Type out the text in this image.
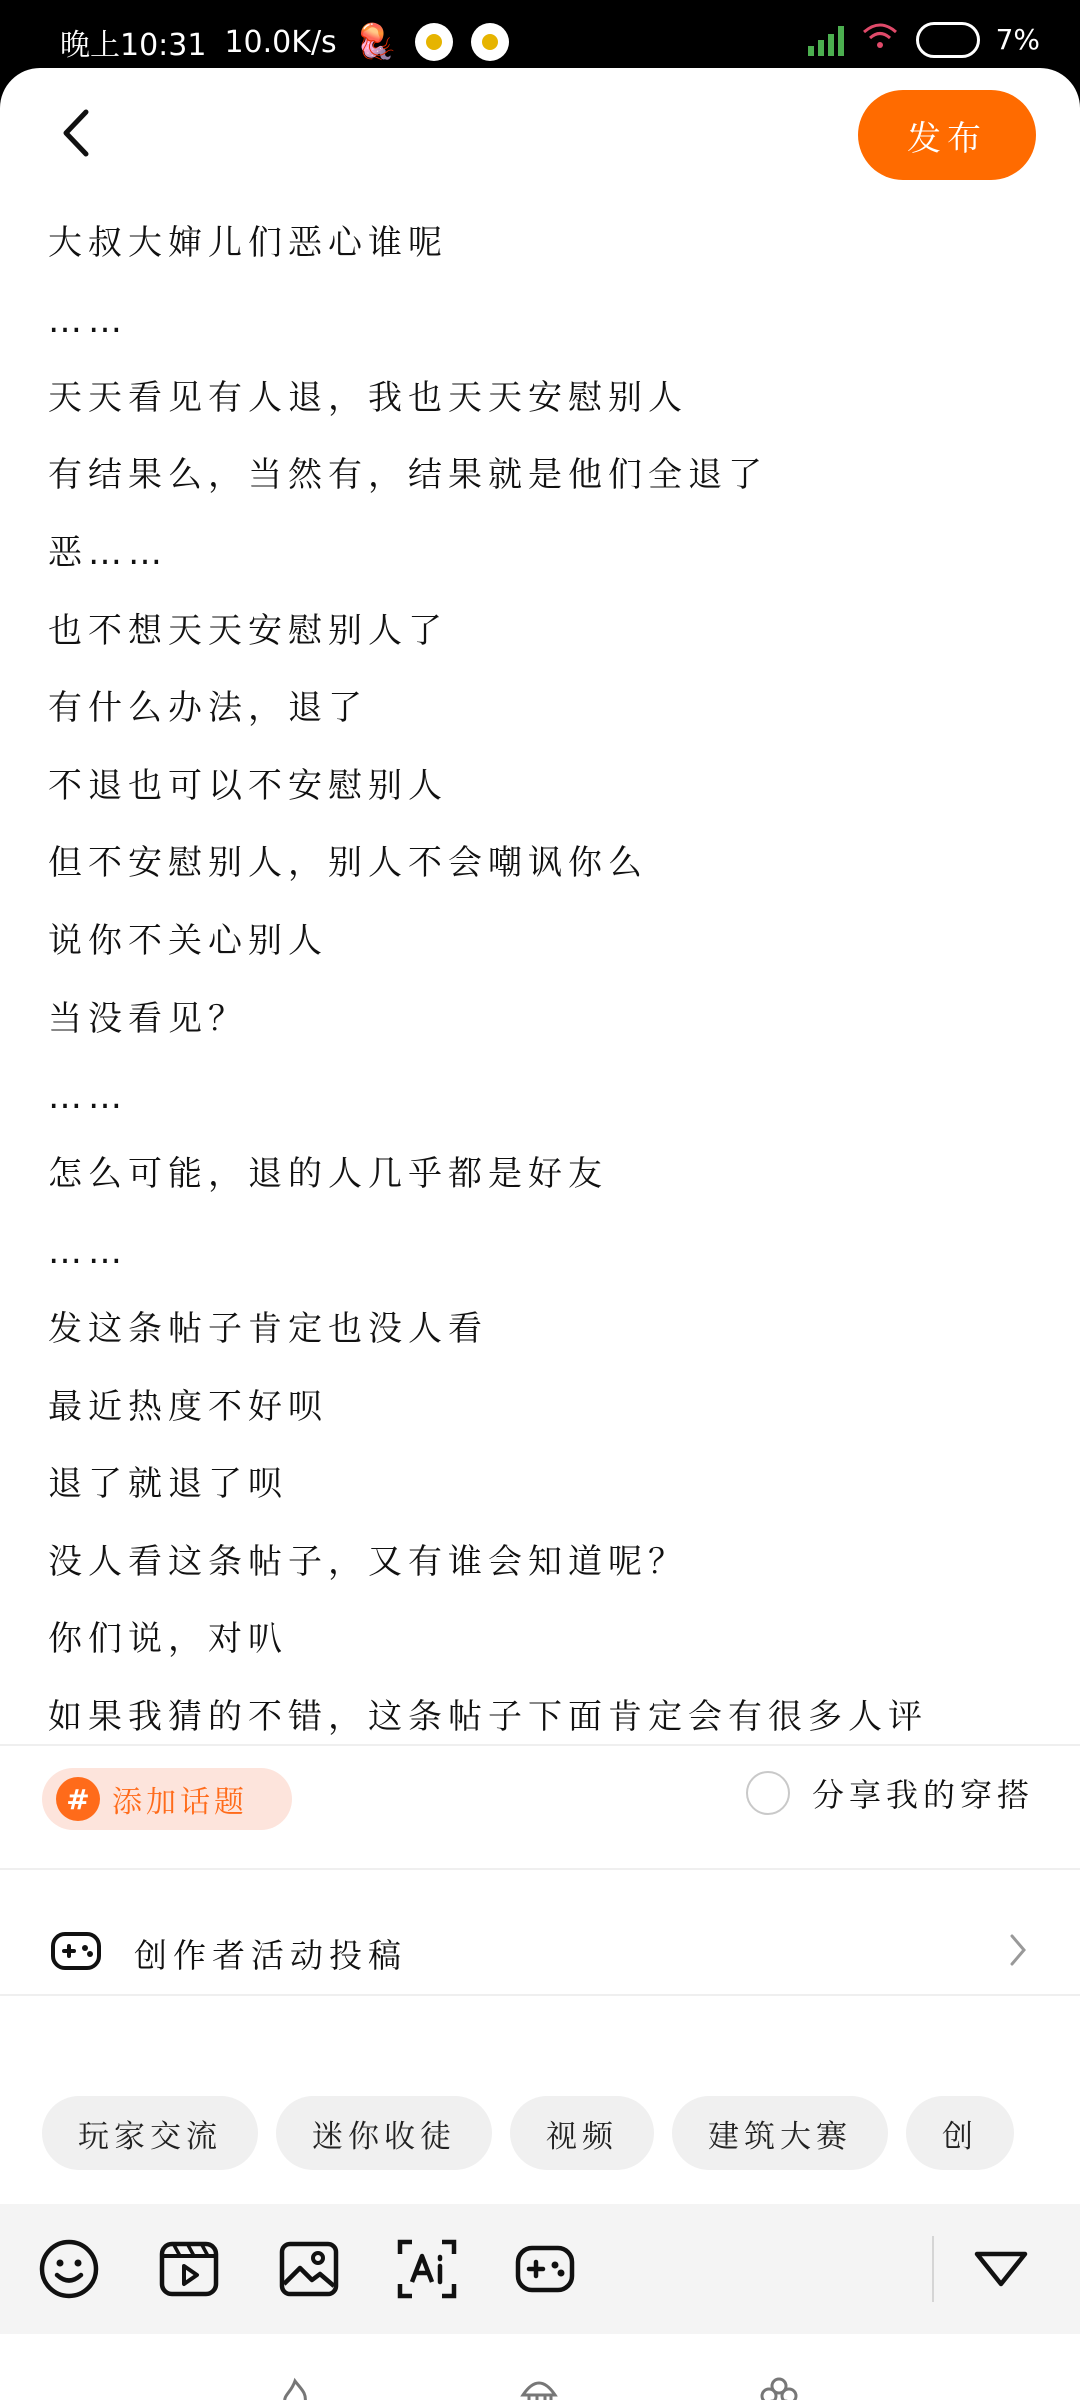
晚上10:31 10.0K/s 🪼	7%
发布
大叔大婶儿们恶心谁呢
……
天天看见有人退，我也天天安慰别人
有结果么，当然有，结果就是他们全退了
恶……
也不想天天安慰别人了
有什么办法，退了
不退也可以不安慰别人
但不安慰别人，别人不会嘲讽你么
说你不关心别人
当没看见？
……
怎么可能，退的人几乎都是好友
……
发这条帖子肯定也没人看
最近热度不好呗
退了就退了呗
没人看这条帖子，又有谁会知道呢？
你们说，对叭
如果我猜的不错，这条帖子下面肯定会有很多人评
# 添加话题	分享我的穿搭
创作者活动投稿
玩家交流	迷你收徒	视频	建筑大赛	创
